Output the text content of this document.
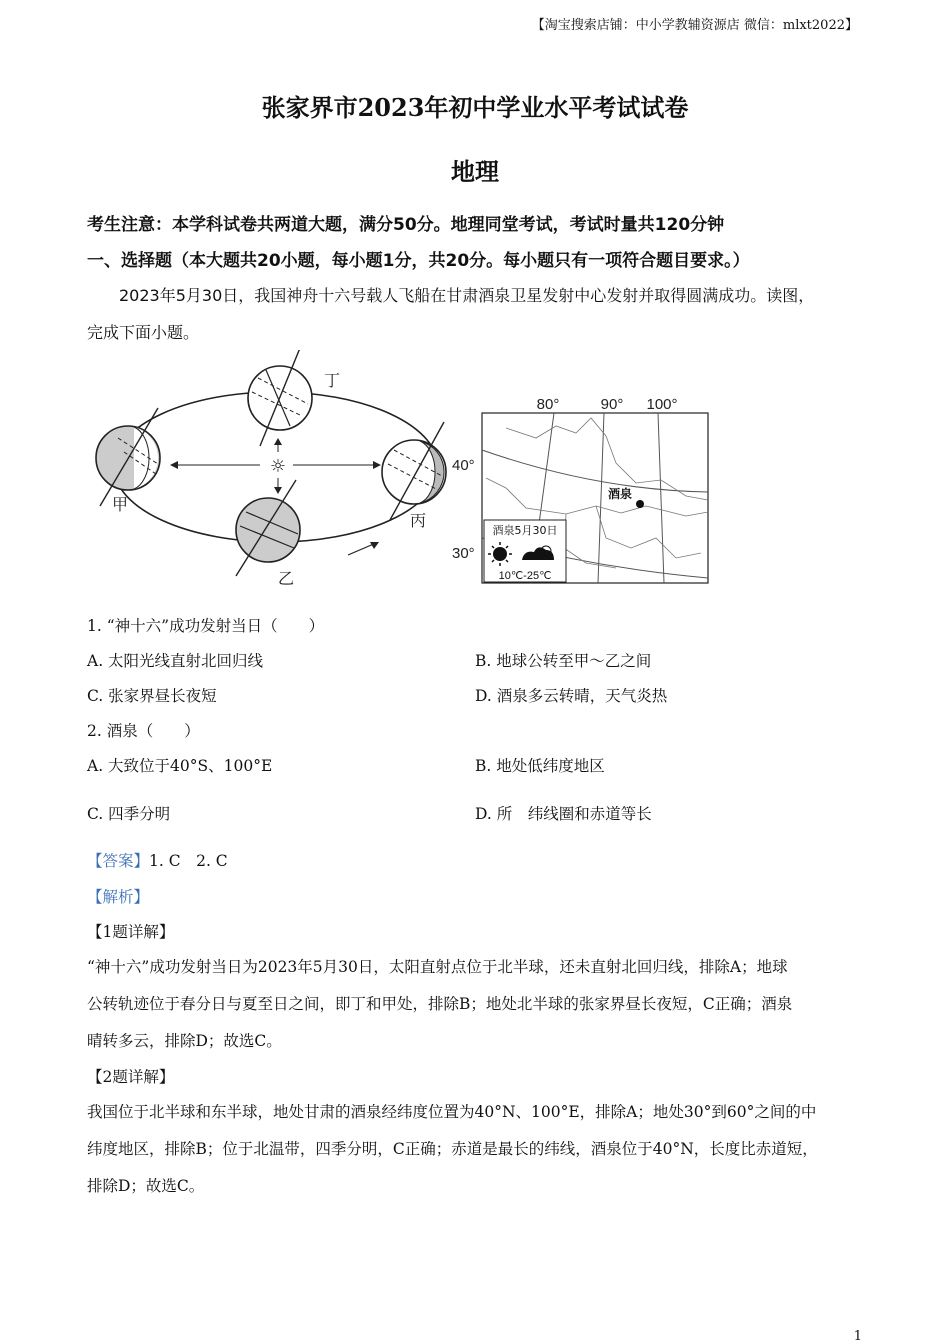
【淘宝搜索店铺：中小学教辅资源店 微信：mlxt2022】
张家界市2023年初中学业水平考试试卷
地理
考生注意：本学科试卷共两道大题，满分50分。地理同堂考试，考试时量共120分钟
一、选择题（本大题共20小题，每小题1分，共20分。每小题只有一项符合题目要求。）
2023年5月30日，我国神舟十六号载人飞船在甘肃酒泉卫星发射中心发射并取得圆满成功。读图，
完成下面小题。
☼
丁
甲
乙
丙
80°	90° 100°
40°
30°
酒泉
酒泉5月30日
10℃-25℃
1. “神十六”成功发射当日（　　）
A. 太阳光线直射北回归线	B. 地球公转至甲～乙之间
C. 张家界昼长夜短	D. 酒泉多云转晴，天气炎热
2. 酒泉（　　）
A. 大致位于40°S、100°E	B. 地处低纬度地区
C. 四季分明	D. 所　纬线圈和赤道等长
【答案】1. C　2. C
【解析】
【1题详解】
“神十六”成功发射当日为2023年5月30日，太阳直射点位于北半球，还未直射北回归线，排除A；地球
公转轨迹位于春分日与夏至日之间，即丁和甲处，排除B；地处北半球的张家界昼长夜短，C正确；酒泉
晴转多云，排除D；故选C。
【2题详解】
我国位于北半球和东半球，地处甘肃的酒泉经纬度位置为40°N、100°E，排除A；地处30°到60°之间的中
纬度地区，排除B；位于北温带，四季分明，C正确；赤道是最长的纬线，酒泉位于40°N，长度比赤道短，
排除D；故选C。
1
